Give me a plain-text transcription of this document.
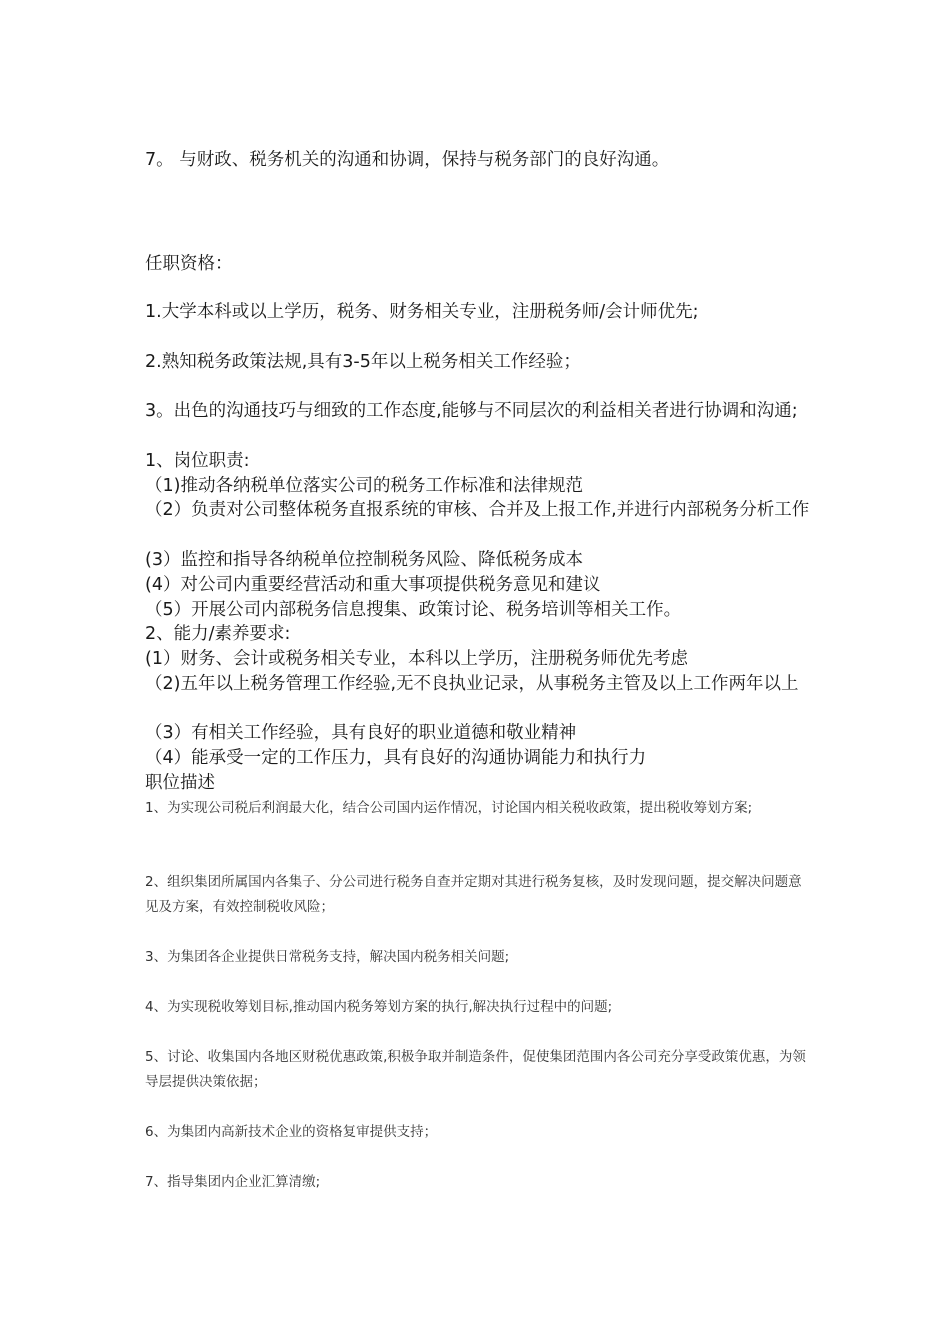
7。 与财政、税务机关的沟通和协调，保持与税务部门的良好沟通。

任职资格：

1.大学本科或以上学历，税务、财务相关专业，注册税务师/会计师优先;

2.熟知税务政策法规,具有3-5年以上税务相关工作经验；

3。出色的沟通技巧与细致的工作态度,能够与不同层次的利益相关者进行协调和沟通;

1、岗位职责:

（1)推动各纳税单位落实公司的税务工作标准和法律规范

（2）负责对公司整体税务直报系统的审核、合并及上报工作,并进行内部税务分析工作

(3）监控和指导各纳税单位控制税务风险、降低税务成本

(4）对公司内重要经营活动和重大事项提供税务意见和建议

（5）开展公司内部税务信息搜集、政策讨论、税务培训等相关工作。

2、能力/素养要求:

(1）财务、会计或税务相关专业，本科以上学历，注册税务师优先考虑

（2)五年以上税务管理工作经验,无不良执业记录，从事税务主管及以上工作两年以上

（3）有相关工作经验，具有良好的职业道德和敬业精神

（4）能承受一定的工作压力，具有良好的沟通协调能力和执行力

职位描述

1、为实现公司税后利润最大化，结合公司国内运作情况，讨论国内相关税收政策，提出税收筹划方案;

2、组织集团所属国内各集子、分公司进行税务自查并定期对其进行税务复核，及时发现问题，提交解决问题意见及方案，有效控制税收风险；

3、为集团各企业提供日常税务支持，解决国内税务相关问题;

4、为实现税收筹划目标,推动国内税务筹划方案的执行,解决执行过程中的问题;

5、讨论、收集国内各地区财税优惠政策,积极争取并制造条件，促使集团范围内各公司充分享受政策优惠，为领导层提供决策依据；

6、为集团内高新技术企业的资格复审提供支持；

7、指导集团内企业汇算清缴;
